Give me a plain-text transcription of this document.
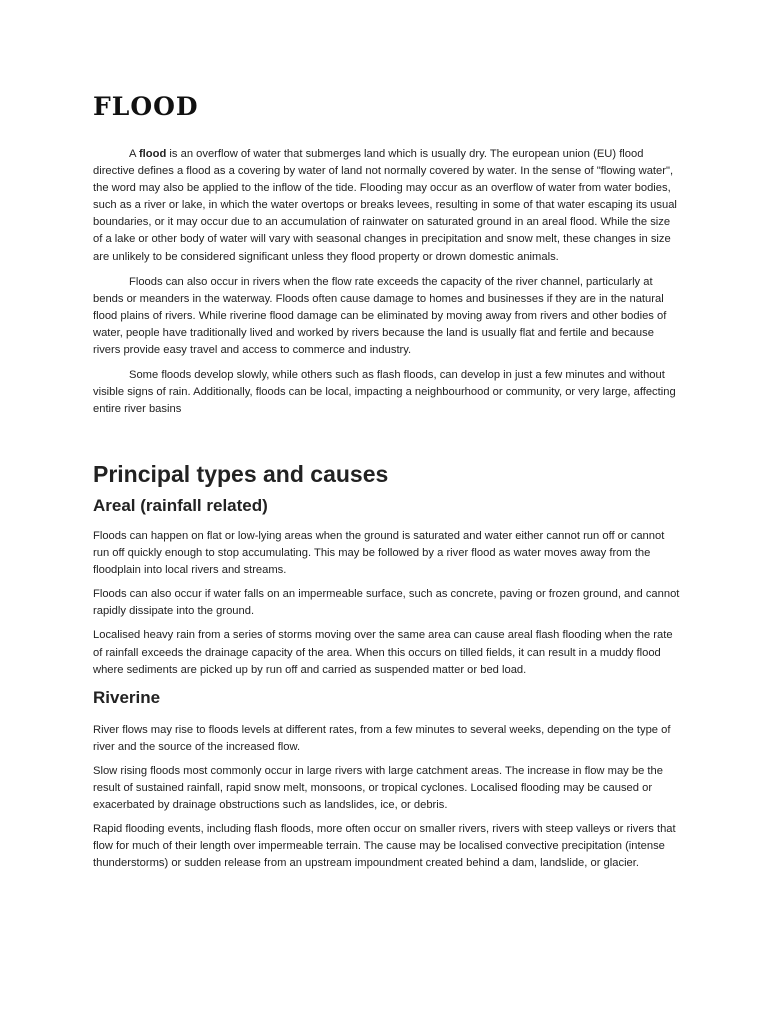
FLOOD

A flood is an overflow of water that submerges land which is usually dry. The european union (EU) flood directive defines a flood as a covering by water of land not normally covered by water. In the sense of "flowing water", the word may also be applied to the inflow of the tide. Flooding may occur as an overflow of water from water bodies, such as a river or lake, in which the water overtops or breaks levees, resulting in some of that water escaping its usual boundaries, or it may occur due to an accumulation of rainwater on saturated ground in an areal flood. While the size of a lake or other body of water will vary with seasonal changes in precipitation and snow melt, these changes in size are unlikely to be considered significant unless they flood property or drown domestic animals.

Floods can also occur in rivers when the flow rate exceeds the capacity of the river channel, particularly at bends or meanders in the waterway. Floods often cause damage to homes and businesses if they are in the natural flood plains of rivers. While riverine flood damage can be eliminated by moving away from rivers and other bodies of water, people have traditionally lived and worked by rivers because the land is usually flat and fertile and because rivers provide easy travel and access to commerce and industry.

Some floods develop slowly, while others such as flash floods, can develop in just a few minutes and without visible signs of rain. Additionally, floods can be local, impacting a neighbourhood or community, or very large, affecting entire river basins

Principal types and causes
Areal (rainfall related)

Floods can happen on flat or low-lying areas when the ground is saturated and water either cannot run off or cannot run off quickly enough to stop accumulating. This may be followed by a river flood as water moves away from the floodplain into local rivers and streams.

Floods can also occur if water falls on an impermeable surface, such as concrete, paving or frozen ground, and cannot rapidly dissipate into the ground.

Localised heavy rain from a series of storms moving over the same area can cause areal flash flooding when the rate of rainfall exceeds the drainage capacity of the area. When this occurs on tilled fields, it can result in a muddy flood where sediments are picked up by run off and carried as suspended matter or bed load.

Riverine

River flows may rise to floods levels at different rates, from a few minutes to several weeks, depending on the type of river and the source of the increased flow.

Slow rising floods most commonly occur in large rivers with large catchment areas. The increase in flow may be the result of sustained rainfall, rapid snow melt, monsoons, or tropical cyclones. Localised flooding may be caused or exacerbated by drainage obstructions such as landslides, ice, or debris.

Rapid flooding events, including flash floods, more often occur on smaller rivers, rivers with steep valleys or rivers that flow for much of their length over impermeable terrain. The cause may be localised convective precipitation (intense thunderstorms) or sudden release from an upstream impoundment created behind a dam, landslide, or glacier.
